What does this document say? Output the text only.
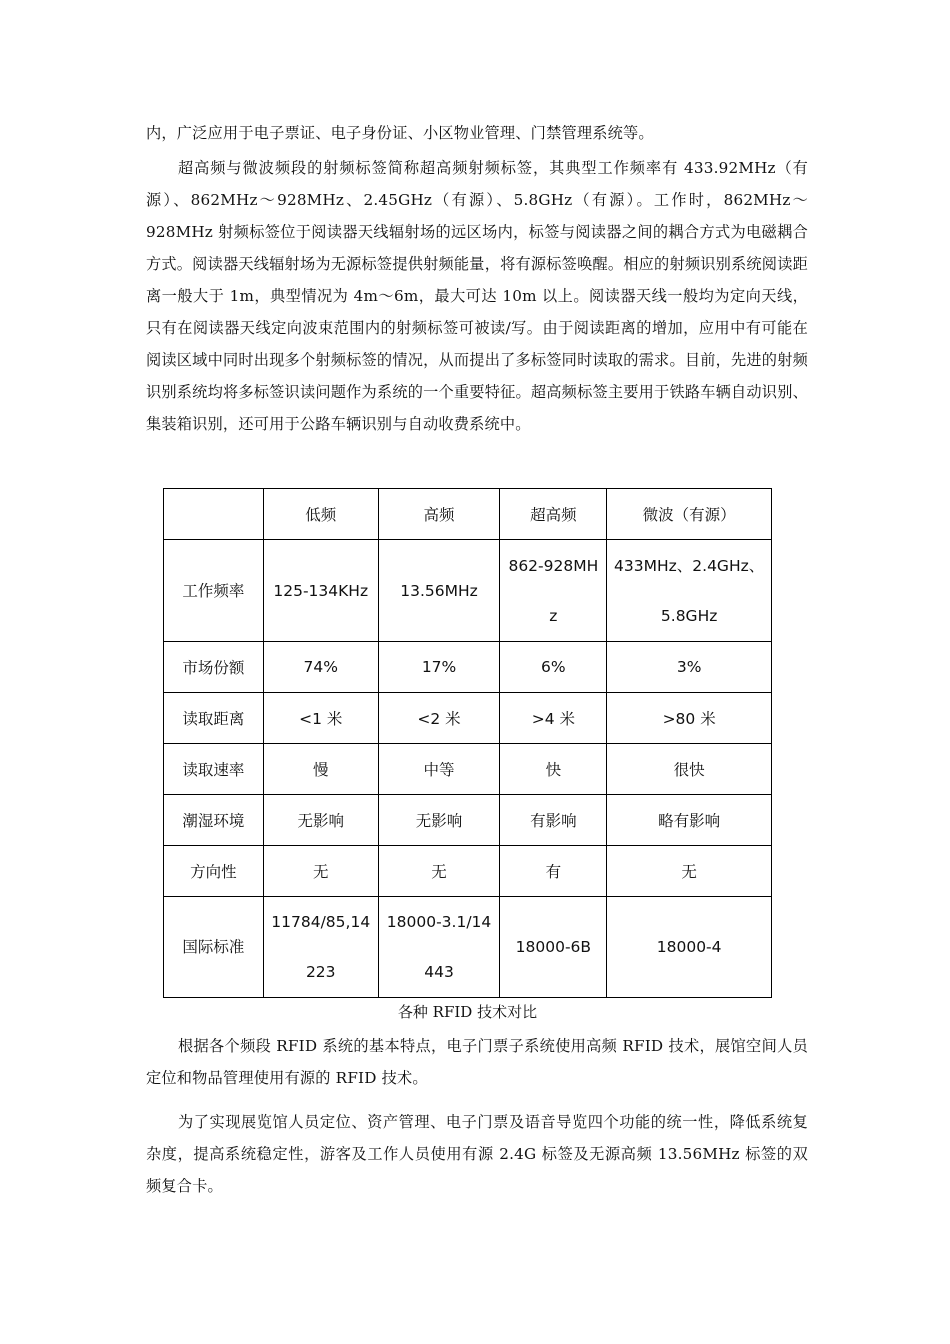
内，广泛应用于电子票证、电子身份证、小区物业管理、门禁管理系统等。

超高频与微波频段的射频标签简称超高频射频标签，其典型工作频率有 433.92MHz（有源）、862MHz～928MHz、2.45GHz（有源）、5.8GHz（有源）。工作时，862MHz～928MHz 射频标签位于阅读器天线辐射场的远区场内，标签与阅读器之间的耦合方式为电磁耦合方式。阅读器天线辐射场为无源标签提供射频能量，将有源标签唤醒。相应的射频识别系统阅读距离一般大于 1m，典型情况为 4m～6m，最大可达 10m 以上。阅读器天线一般均为定向天线，只有在阅读器天线定向波束范围内的射频标签可被读/写。由于阅读距离的增加，应用中有可能在阅读区域中同时出现多个射频标签的情况，从而提出了多标签同时读取的需求。目前，先进的射频识别系统均将多标签识读问题作为系统的一个重要特征。超高频标签主要用于铁路车辆自动识别、集装箱识别，还可用于公路车辆识别与自动收费系统中。

	低频	高频	超高频	微波（有源）
工作频率	125-134KHz	13.56MHz	862-928MHz	433MHz、2.4GHz、5.8GHz
市场份额	74%	17%	6%	3%
读取距离	<1 米	<2 米	>4 米	>80 米
读取速率	慢	中等	快	很快
潮湿环境	无影响	无影响	有影响	略有影响
方向性	无	无	有	无
国际标准	11784/85,14223	18000-3.1/14443	18000-6B	18000-4

各种 RFID 技术对比

根据各个频段 RFID 系统的基本特点，电子门票子系统使用高频 RFID 技术，展馆空间人员定位和物品管理使用有源的 RFID 技术。

为了实现展览馆人员定位、资产管理、电子门票及语音导览四个功能的统一性，降低系统复杂度，提高系统稳定性，游客及工作人员使用有源 2.4G 标签及无源高频 13.56MHz 标签的双频复合卡。
